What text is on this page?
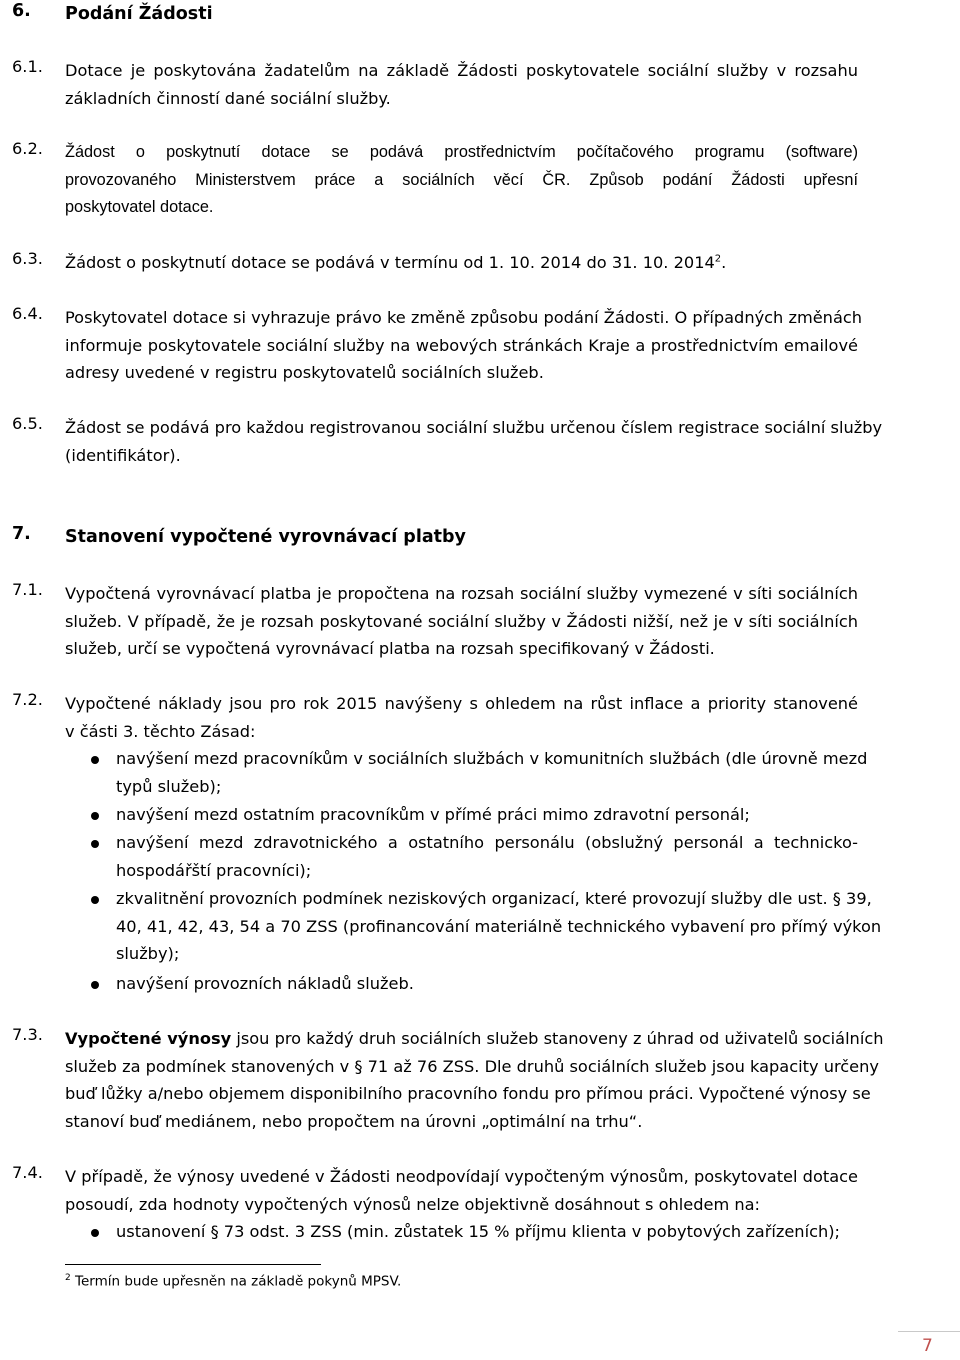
6. Podání Žádosti
6.1. Dotace je poskytována žadatelům na základě Žádosti poskytovatele sociální služby v rozsahu
základních činností dané sociální služby.
6.2. Žádost o poskytnutí dotace se podává prostřednictvím počítačového programu (software)
provozovaného Ministerstvem práce a sociálních věcí ČR. Způsob podání Žádosti upřesní
poskytovatel dotace.
6.3. Žádost o poskytnutí dotace se podává v termínu od 1. 10. 2014 do 31. 10. 2014$^2$.
6.4. Poskytovatel dotace si vyhrazuje právo ke změně způsobu podání Žádosti. O případných změnách
informuje poskytovatele sociální služby na webových stránkách Kraje a prostřednictvím emailové
adresy uvedené v registru poskytovatelů sociálních služeb.
6.5. Žádost se podává pro každou registrovanou sociální službu určenou číslem registrace sociální služby
(identifikátor).
7. Stanovení vypočtené vyrovnávací platby
7.1. Vypočtená vyrovnávací platba je propočtena na rozsah sociální služby vymezené v síti sociálních
služeb. V případě, že je rozsah poskytované sociální služby v Žádosti nižší, než je v síti sociálních
služeb, určí se vypočtená vyrovnávací platba na rozsah specifikovaný v Žádosti.
7.2. Vypočtené náklady jsou pro rok 2015 navýšeny s ohledem na růst inflace a priority stanovené
v části 3. těchto Zásad:
navýšení mezd pracovníkům v sociálních službách v komunitních službách (dle úrovně mezd
typů služeb);
navýšení mezd ostatním pracovníkům v přímé práci mimo zdravotní personál;
navýšení mezd zdravotnického a ostatního personálu (obslužný personál a technicko-
hospodářští pracovníci);
zkvalitnění provozních podmínek neziskových organizací, které provozují služby dle ust. § 39,
40, 41, 42, 43, 54 a 70 ZSS (profinancování materiálně technického vybavení pro přímý výkon
služby);
navýšení provozních nákladů služeb.
7.3. Vypočtené výnosy jsou pro každý druh sociálních služeb stanoveny z úhrad od uživatelů sociálních
služeb za podmínek stanovených v § 71 až 76 ZSS. Dle druhů sociálních služeb jsou kapacity určeny
buď lůžky a/nebo objemem disponibilního pracovního fondu pro přímou práci. Vypočtené výnosy se
stanoví buď mediánem, nebo propočtem na úrovni „optimální na trhu“.
7.4. V případě, že výnosy uvedené v Žádosti neodpovídají vypočteným výnosům, poskytovatel dotace
posoudí, zda hodnoty vypočtených výnosů nelze objektivně dosáhnout s ohledem na:
ustanovení § 73 odst. 3 ZSS (min. zůstatek 15 % příjmu klienta v pobytových zařízeních);
$^2$ Termín bude upřesněn na základě pokynů MPSV.
7
